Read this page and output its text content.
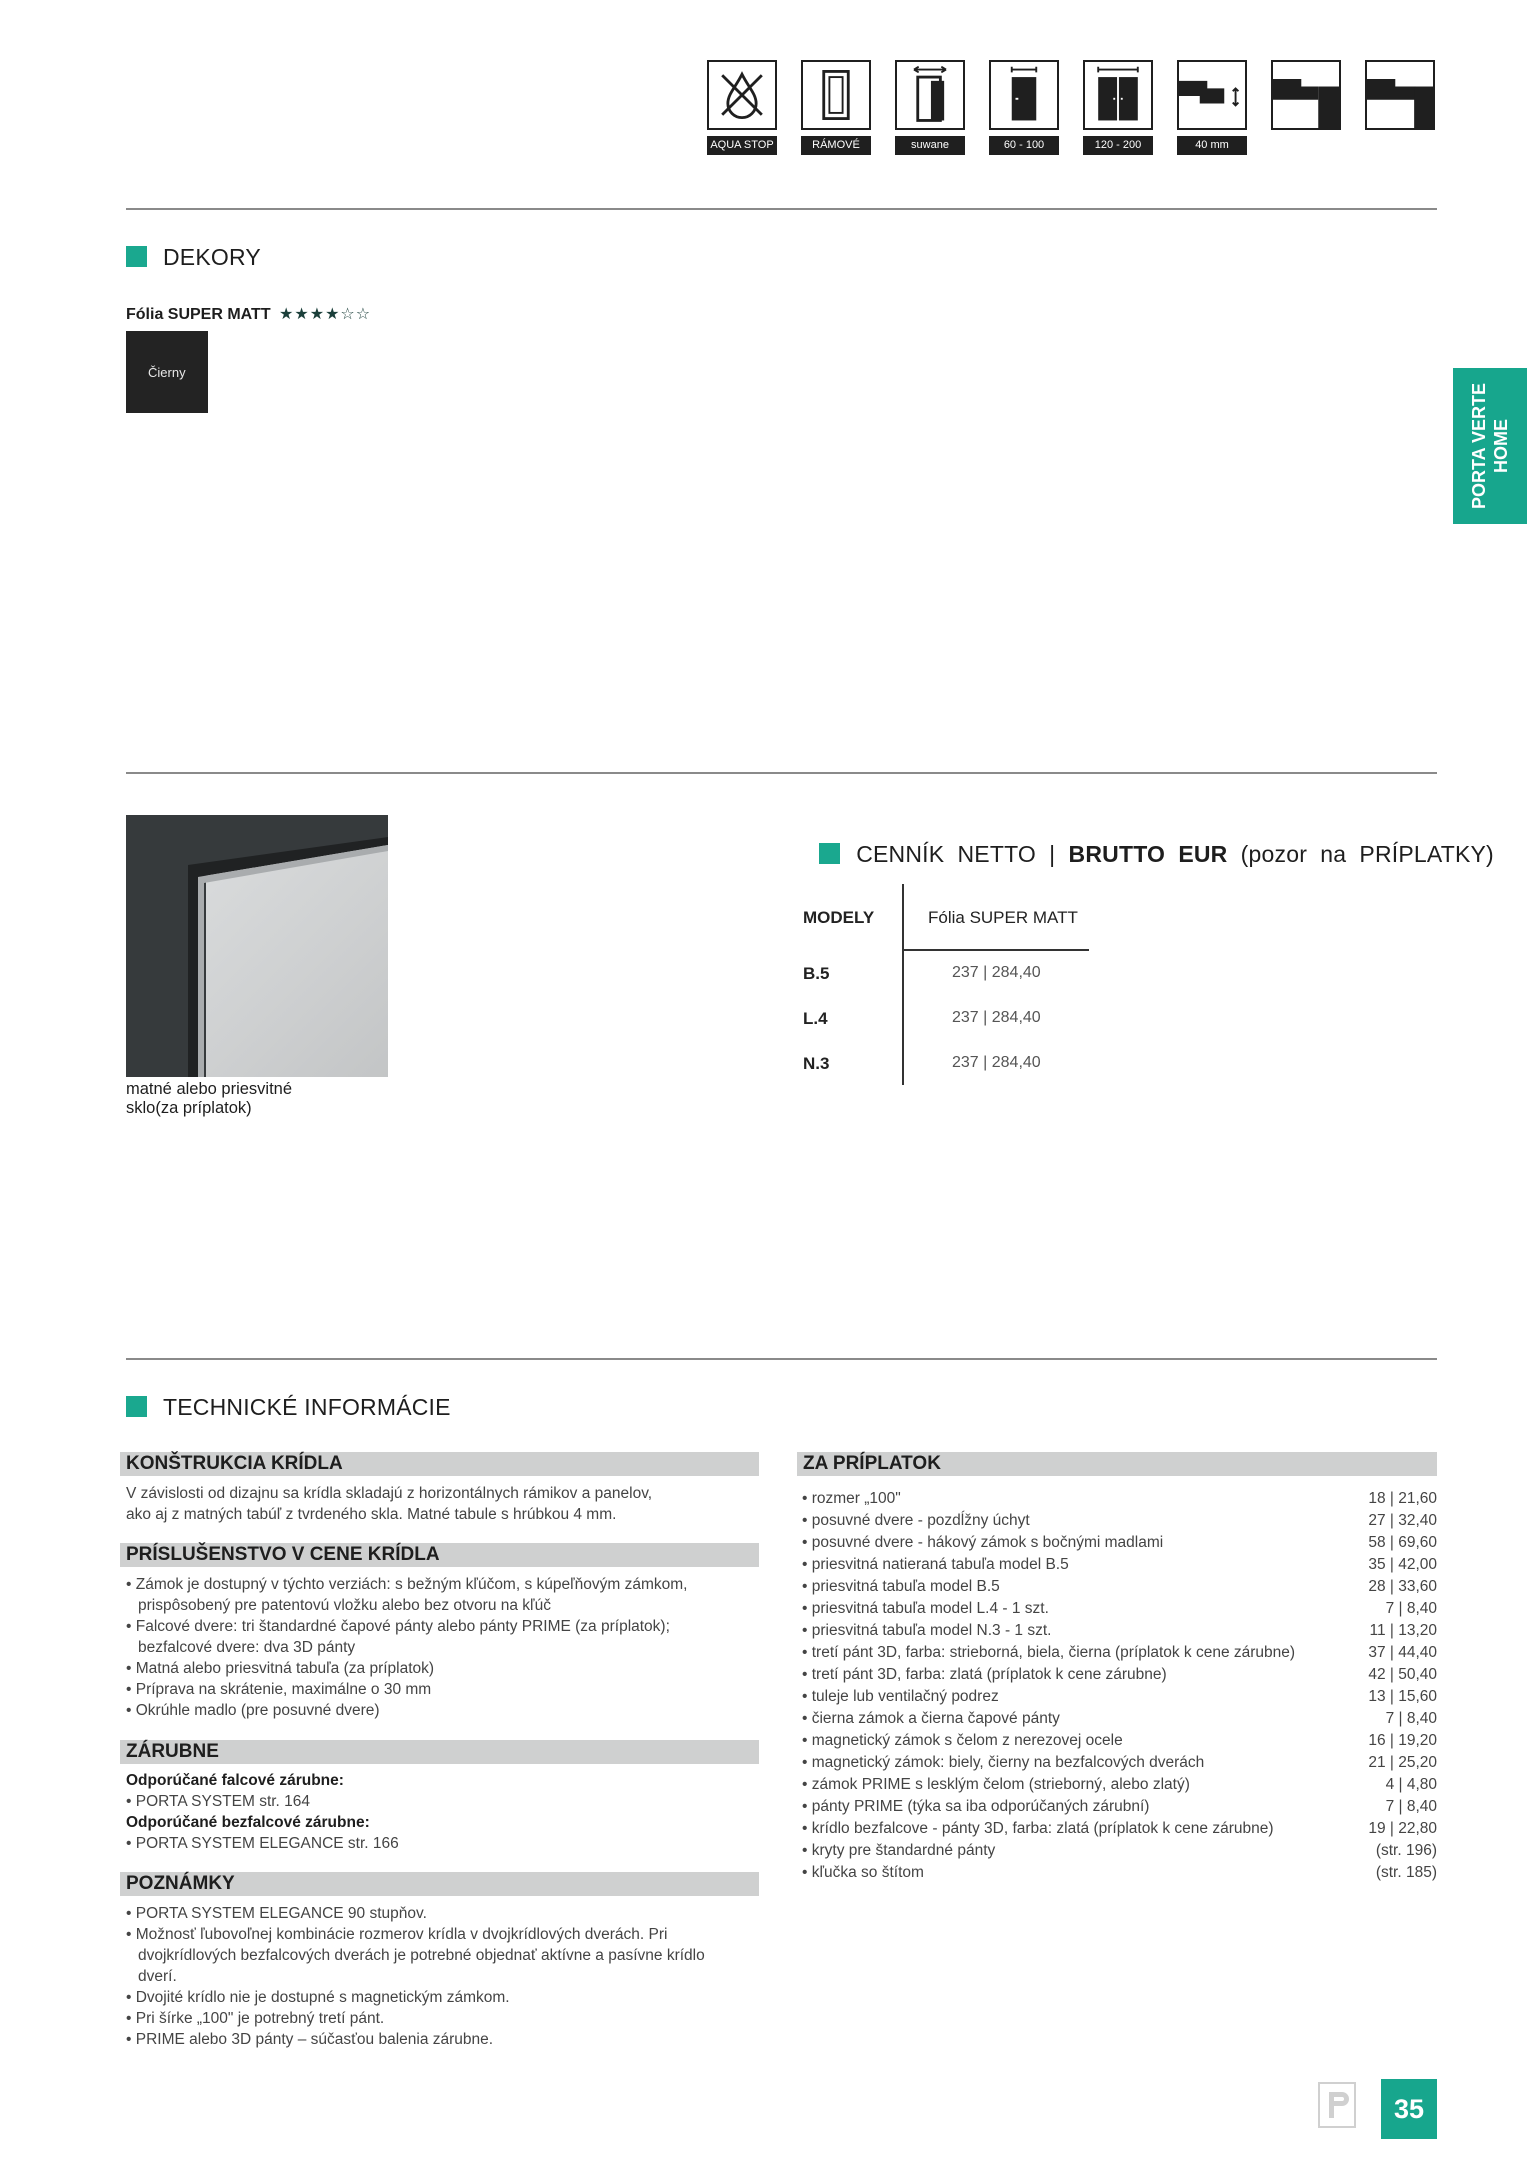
AQUA STOP	RÁMOVÉ	suwane	60 - 100	120 - 200	40 mm
DEKORY
Fólia SUPER MATT ★★★★☆☆
Čierny
PORTA VERTE HOME
matné alebo priesvitné
sklo(za príplatok)

CENNÍK  NETTO  |  BRUTTO  EUR  (pozor  na  PRÍPLATKY)

MODELY	Fólia SUPER MATT
B.5	237 | 284,40
L.4	237 | 284,40
N.3	237 | 284,40
TECHNICKÉ INFORMÁCIE
KONŠTRUKCIA KRÍDLA
V závislosti od dizajnu sa krídla skladajú z horizontálnych rámikov a panelov,
ako aj z matných tabúľ z tvrdeného skla. Matné tabule s hrúbkou 4 mm.
PRÍSLUŠENSTVO V CENE KRÍDLA
• Zámok je dostupný v týchto verziách: s bežným kľúčom, s kúpeľňovým zámkom, prispôsobený pre patentovú vložku alebo bez otvoru na kľúč
• Falcové dvere: tri štandardné čapové pánty alebo pánty PRIME (za príplatok); bezfalcové dvere: dva 3D pánty
• Matná alebo priesvitná tabuľa (za príplatok)
• Príprava na skrátenie, maximálne o 30 mm
• Okrúhle madlo (pre posuvné dvere)
ZÁRUBNE
Odporúčané falcové zárubne:
• PORTA SYSTEM str. 164
Odporúčané bezfalcové zárubne:
• PORTA SYSTEM ELEGANCE str. 166
POZNÁMKY
• PORTA SYSTEM ELEGANCE 90 stupňov.
• Možnosť ľubovoľnej kombinácie rozmerov krídla v dvojkrídlových dverách. Pri dvojkrídlových bezfalcových dverách je potrebné objednať aktívne a pasívne krídlo dverí.
• Dvojité krídlo nie je dostupné s magnetickým zámkom.
• Pri šírke „100" je potrebný tretí pánt.
• PRIME alebo 3D pánty – súčasťou balenia zárubne.
ZA PRÍPLATOK
• rozmer „100"	18 | 21,60
• posuvné dvere - pozdĺžny úchyt	27 | 32,40
• posuvné dvere - hákový zámok s bočnými madlami	58 | 69,60
• priesvitná natieraná tabuľa model B.5	35 | 42,00
• priesvitná tabuľa model B.5	28 | 33,60
• priesvitná tabuľa model L.4 - 1 szt.	7 | 8,40
• priesvitná tabuľa model N.3 - 1 szt.	11 | 13,20
• tretí pánt 3D, farba: strieborná, biela, čierna (príplatok k cene zárubne)	37 | 44,40
• tretí pánt 3D, farba: zlatá (príplatok k cene zárubne)	42 | 50,40
• tuleje lub ventilačný podrez	13 | 15,60
• čierna zámok a čierna čapové pánty	7 | 8,40
• magnetický zámok s čelom z nerezovej ocele	16 | 19,20
• magnetický zámok: biely, čierny na bezfalcových dverách	21 | 25,20
• zámok PRIME s lesklým čelom (strieborný, alebo zlatý)	4 | 4,80
• pánty PRIME (týka sa iba odporúčaných zárubní)	7 | 8,40
• krídlo bezfalcove - pánty 3D, farba: zlatá (príplatok k cene zárubne)	19 | 22,80
• kryty pre štandardné pánty	(str. 196)
• kľučka so štítom	(str. 185)
35
